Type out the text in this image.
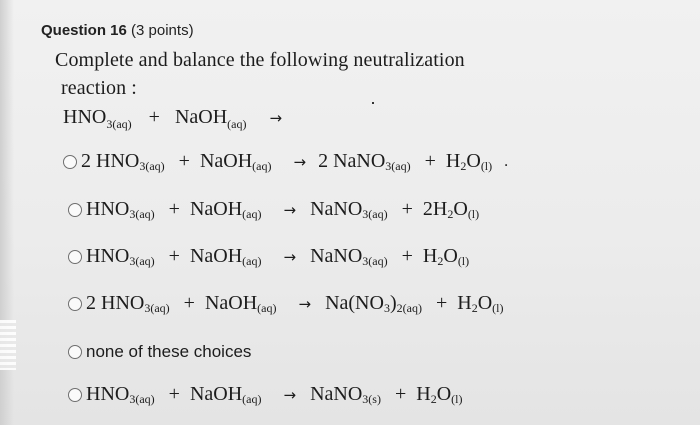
Question 16 (3 points)
Complete and balance the following neutralization
reaction :
$HNO_{3(aq)}$ + NaOH$_{(aq)}$ →
2 HNO 3(aq) + NaOH (aq) → 2 NaNO 3(aq) + H 2 O (l) .
HNO 3(aq) + NaOH (aq) → NaNO 3(aq) + 2H 2 O (l)
HNO 3(aq) + NaOH (aq) → NaNO 3(aq) + H 2 O (l)
2 HNO 3(aq) + NaOH (aq) → Na(NO 3 ) 2(aq) + H 2 O (l)
none of these choices
HNO 3(aq) + NaOH (aq) → NaNO 3(s) + H 2 O (l)
